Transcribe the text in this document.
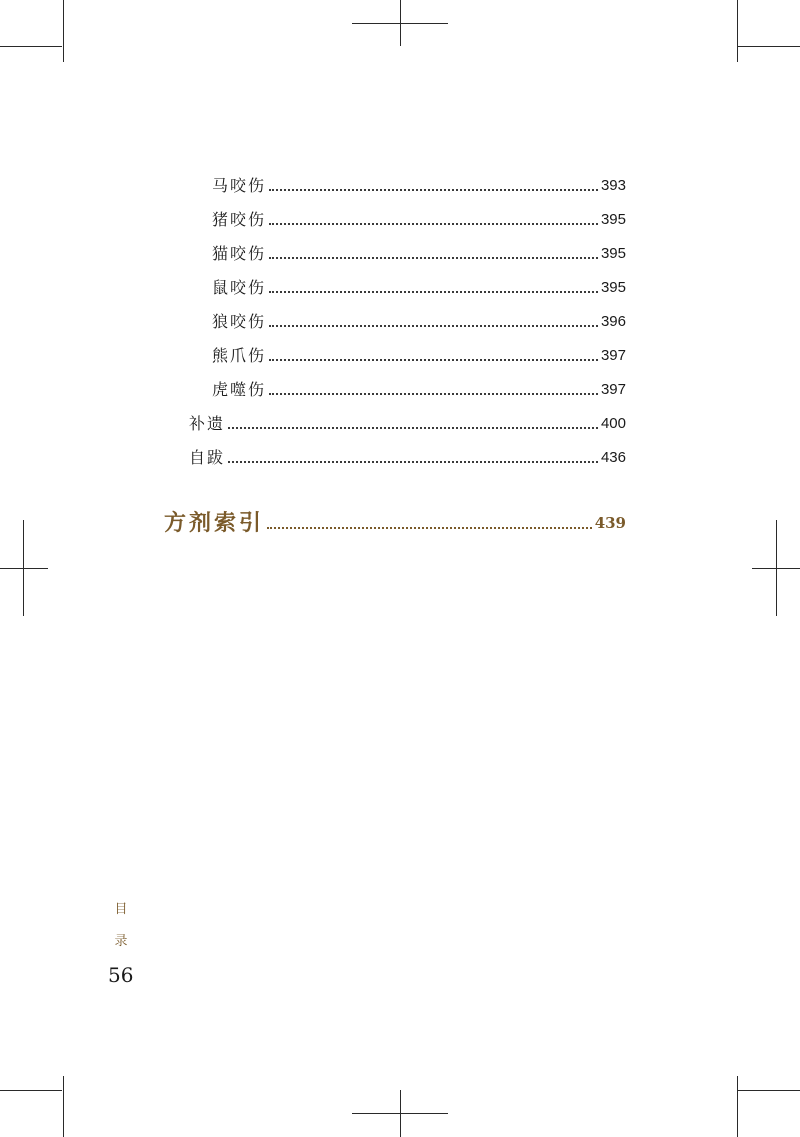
马咬伤	393
猪咬伤	395
猫咬伤	395
鼠咬伤	395
狼咬伤	396
熊爪伤	397
虎噬伤	397
补遗	400
自跋	436
方剂索引	439
目
录
56
